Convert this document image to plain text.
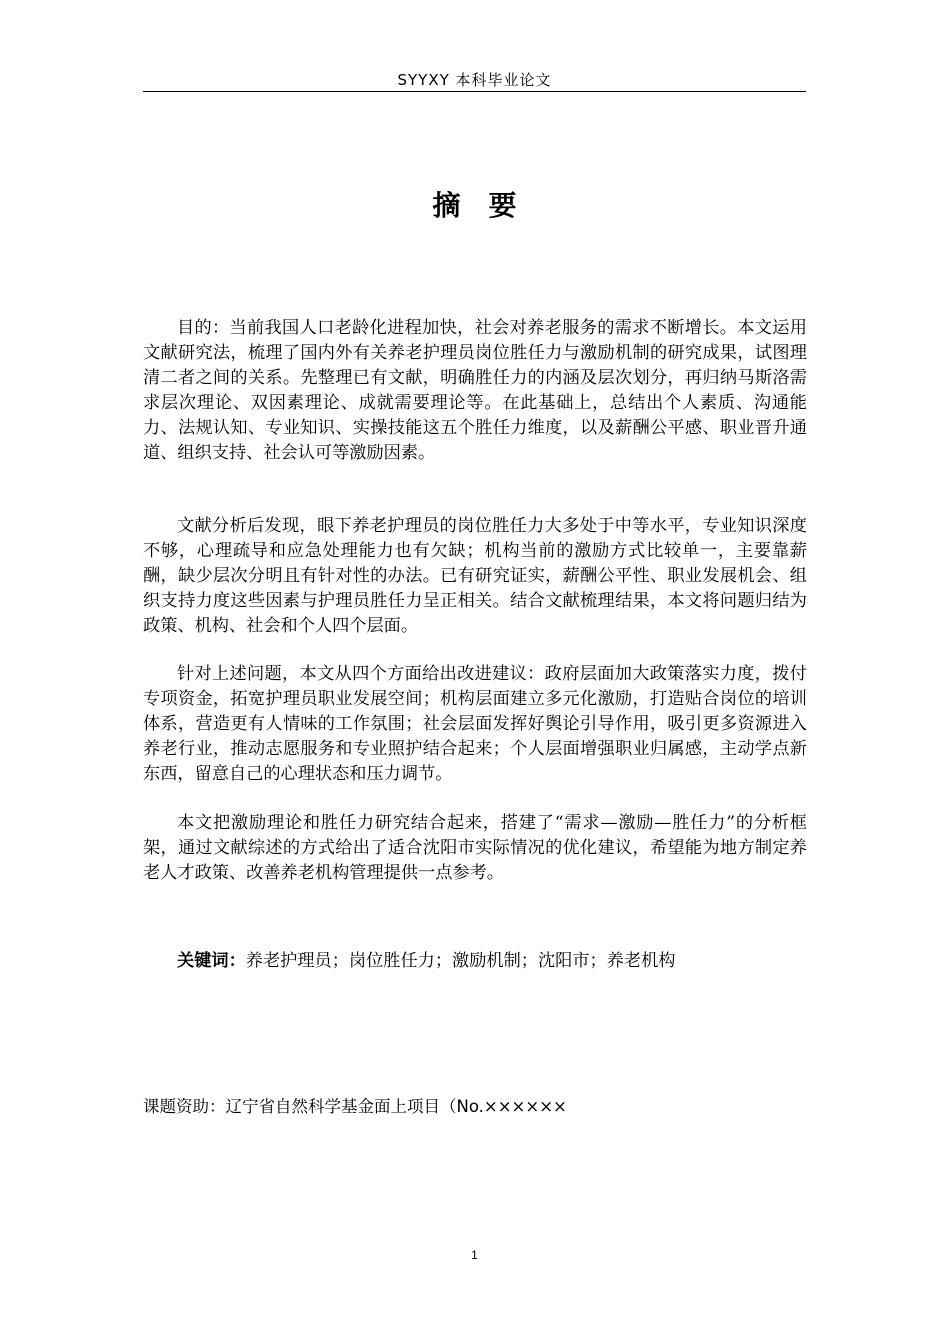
SYYXY 本科毕业论文
摘 要

目的：当前我国人口老龄化进程加快，社会对养老服务的需求不断增长。本文运用文献研究法，梳理了国内外有关养老护理员岗位胜任力与激励机制的研究成果，试图理清二者之间的关系。先整理已有文献，明确胜任力的内涵及层次划分，再归纳马斯洛需求层次理论、双因素理论、成就需要理论等。在此基础上，总结出个人素质、沟通能力、法规认知、专业知识、实操技能这五个胜任力维度，以及薪酬公平感、职业晋升通道、组织支持、社会认可等激励因素。

文献分析后发现，眼下养老护理员的岗位胜任力大多处于中等水平，专业知识深度不够，心理疏导和应急处理能力也有欠缺；机构当前的激励方式比较单一，主要靠薪酬，缺少层次分明且有针对性的办法。已有研究证实，薪酬公平性、职业发展机会、组织支持力度这些因素与护理员胜任力呈正相关。结合文献梳理结果，本文将问题归结为政策、机构、社会和个人四个层面。

针对上述问题，本文从四个方面给出改进建议：政府层面加大政策落实力度，拨付专项资金，拓宽护理员职业发展空间；机构层面建立多元化激励，打造贴合岗位的培训体系，营造更有人情味的工作氛围；社会层面发挥好舆论引导作用，吸引更多资源进入养老行业，推动志愿服务和专业照护结合起来；个人层面增强职业归属感，主动学点新东西，留意自己的心理状态和压力调节。

本文把激励理论和胜任力研究结合起来，搭建了“需求—激励—胜任力”的分析框架，通过文献综述的方式给出了适合沈阳市实际情况的优化建议，希望能为地方制定养老人才政策、改善养老机构管理提供一点参考。

关键词：养老护理员；岗位胜任力；激励机制；沈阳市；养老机构
课题资助：辽宁省自然科学基金面上项目（No.××××××
1
